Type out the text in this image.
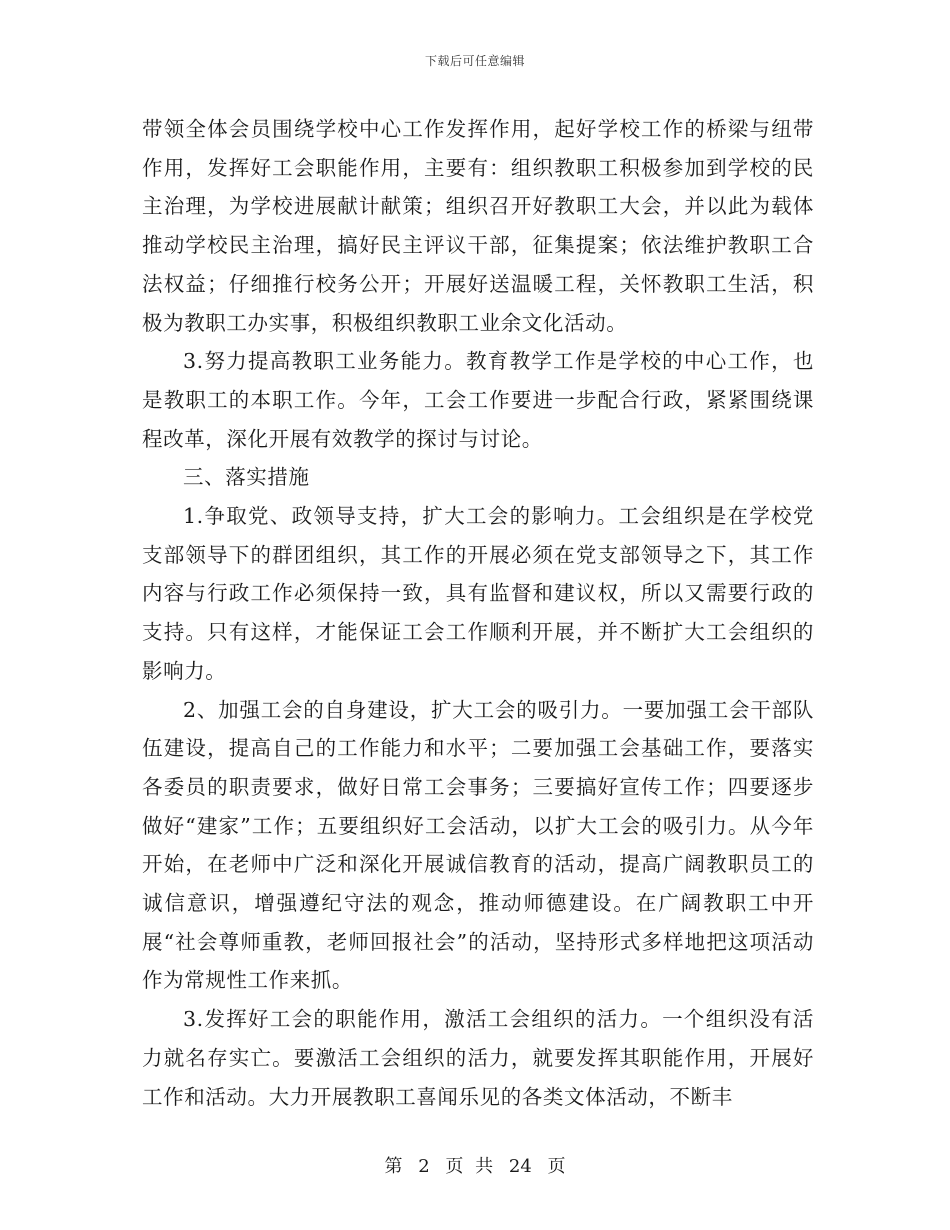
下载后可任意编辑

带领全体会员围绕学校中心工作发挥作用，起好学校工作的桥梁与纽带作用，发挥好工会职能作用，主要有：组织教职工积极参加到学校的民主治理，为学校进展献计献策；组织召开好教职工大会，并以此为载体推动学校民主治理，搞好民主评议干部，征集提案；依法维护教职工合法权益；仔细推行校务公开；开展好送温暖工程，关怀教职工生活，积极为教职工办实事，积极组织教职工业余文化活动。

3.努力提高教职工业务能力。教育教学工作是学校的中心工作，也是教职工的本职工作。今年，工会工作要进一步配合行政，紧紧围绕课程改革，深化开展有效教学的探讨与讨论。

三、落实措施

1.争取党、政领导支持，扩大工会的影响力。工会组织是在学校党支部领导下的群团组织，其工作的开展必须在党支部领导之下，其工作内容与行政工作必须保持一致，具有监督和建议权，所以又需要行政的支持。只有这样，才能保证工会工作顺利开展，并不断扩大工会组织的影响力。

2、加强工会的自身建设，扩大工会的吸引力。一要加强工会干部队伍建设，提高自己的工作能力和水平；二要加强工会基础工作，要落实各委员的职责要求，做好日常工会事务；三要搞好宣传工作；四要逐步做好“建家”工作；五要组织好工会活动，以扩大工会的吸引力。从今年开始，在老师中广泛和深化开展诚信教育的活动，提高广阔教职员工的诚信意识，增强遵纪守法的观念，推动师德建设。在广阔教职工中开展“社会尊师重教，老师回报社会”的活动，坚持形式多样地把这项活动作为常规性工作来抓。

3.发挥好工会的职能作用，激活工会组织的活力。一个组织没有活力就名存实亡。要激活工会组织的活力，就要发挥其职能作用，开展好工作和活动。大力开展教职工喜闻乐见的各类文体活动，不断丰

第 2 页 共 24 页
